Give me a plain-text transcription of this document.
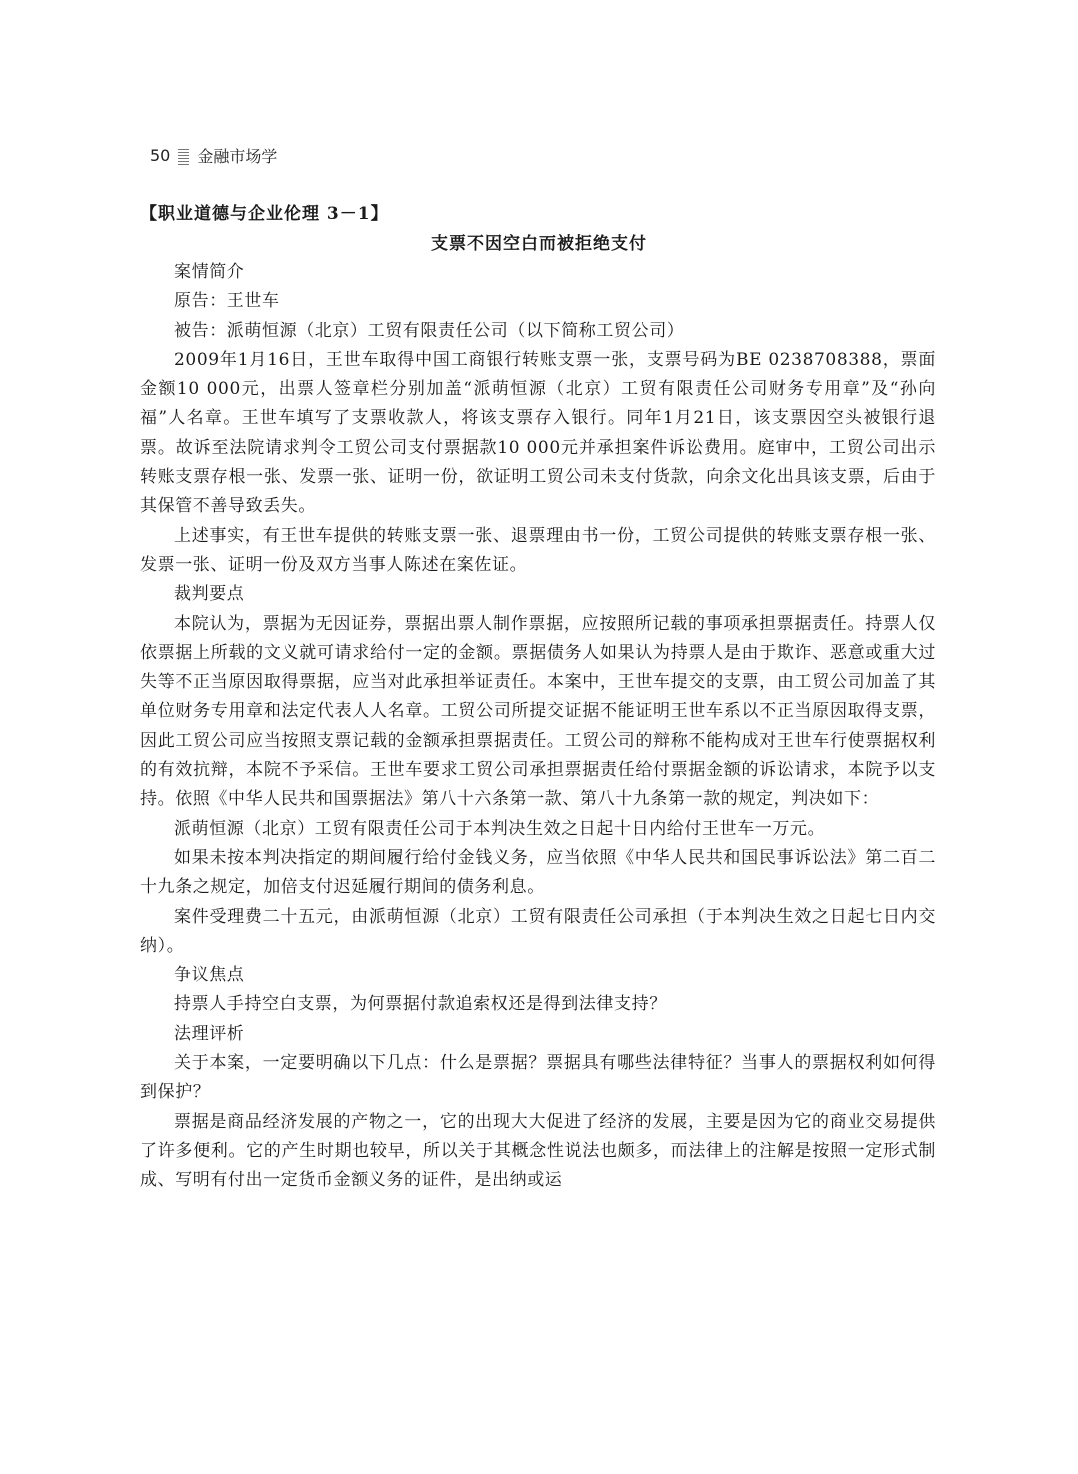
50 金融市场学
【职业道德与企业伦理 3－1】
支票不因空白而被拒绝支付

案情简介

原告：王世车

被告：派萌恒源（北京）工贸有限责任公司（以下简称工贸公司）

2009年1月16日，王世车取得中国工商银行转账支票一张，支票号码为BE 0238708388，票面金额10 000元，出票人签章栏分别加盖“派萌恒源（北京）工贸有限责任公司财务专用章”及“孙向福”人名章。王世车填写了支票收款人，将该支票存入银行。同年1月21日，该支票因空头被银行退票。故诉至法院请求判令工贸公司支付票据款10 000元并承担案件诉讼费用。庭审中，工贸公司出示转账支票存根一张、发票一张、证明一份，欲证明工贸公司未支付货款，向余文化出具该支票，后由于其保管不善导致丢失。

上述事实，有王世车提供的转账支票一张、退票理由书一份，工贸公司提供的转账支票存根一张、发票一张、证明一份及双方当事人陈述在案佐证。

裁判要点

本院认为，票据为无因证券，票据出票人制作票据，应按照所记载的事项承担票据责任。持票人仅依票据上所载的文义就可请求给付一定的金额。票据债务人如果认为持票人是由于欺诈、恶意或重大过失等不正当原因取得票据，应当对此承担举证责任。本案中，王世车提交的支票，由工贸公司加盖了其单位财务专用章和法定代表人人名章。工贸公司所提交证据不能证明王世车系以不正当原因取得支票，因此工贸公司应当按照支票记载的金额承担票据责任。工贸公司的辩称不能构成对王世车行使票据权利的有效抗辩，本院不予采信。王世车要求工贸公司承担票据责任给付票据金额的诉讼请求，本院予以支持。依照《中华人民共和国票据法》第八十六条第一款、第八十九条第一款的规定，判决如下：

派萌恒源（北京）工贸有限责任公司于本判决生效之日起十日内给付王世车一万元。

如果未按本判决指定的期间履行给付金钱义务，应当依照《中华人民共和国民事诉讼法》第二百二十九条之规定，加倍支付迟延履行期间的债务利息。

案件受理费二十五元，由派萌恒源（北京）工贸有限责任公司承担（于本判决生效之日起七日内交纳）。

争议焦点

持票人手持空白支票，为何票据付款追索权还是得到法律支持？

法理评析

关于本案，一定要明确以下几点：什么是票据？票据具有哪些法律特征？当事人的票据权利如何得到保护？

票据是商品经济发展的产物之一，它的出现大大促进了经济的发展，主要是因为它的商业交易提供了许多便利。它的产生时期也较早，所以关于其概念性说法也颇多，而法律上的注解是按照一定形式制成、写明有付出一定货币金额义务的证件，是出纳或运
